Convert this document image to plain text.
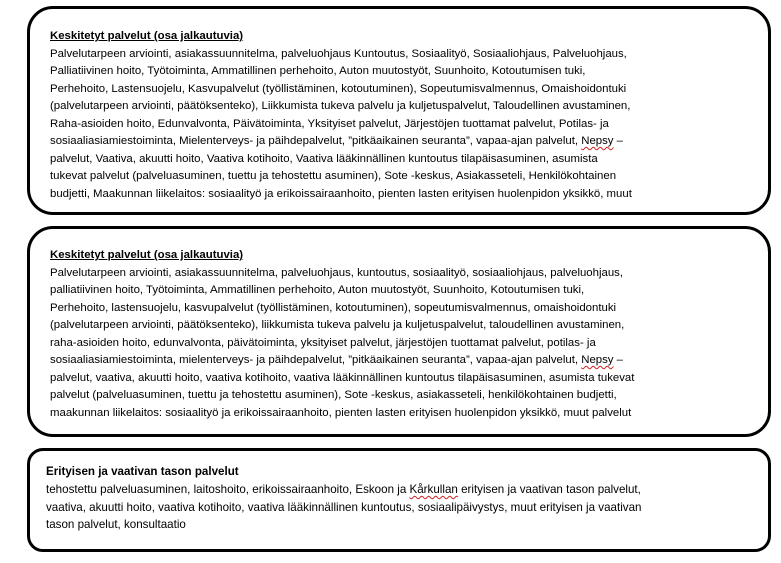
Keskitetyt palvelut (osa jalkautuvia)

Palvelutarpeen arviointi, asiakassuunnitelma, palveluohjaus Kuntoutus, Sosiaalityö, Sosiaaliohjaus, Palveluohjaus,

Palliatiivinen hoito, Työtoiminta, Ammatillinen perhehoito, Auton muutostyöt, Suunhoito, Kotoutumisen tuki,

Perhehoito, Lastensuojelu, Kasvupalvelut (työllistäminen, kotoutuminen), Sopeutumisvalmennus, Omaishoidontuki

(palvelutarpeen arviointi, päätöksenteko), Liikkumista tukeva palvelu ja kuljetuspalvelut, Taloudellinen avustaminen,

Raha-asioiden hoito, Edunvalvonta, Päivätoiminta, Yksityiset palvelut, Järjestöjen tuottamat palvelut, Potilas- ja

sosiaaliasiamiestoiminta, Mielenterveys- ja päihdepalvelut, ”pitkäaikainen seuranta”, vapaa-ajan palvelut, Nepsy –

palvelut, Vaativa, akuutti hoito, Vaativa kotihoito, Vaativa lääkinnällinen kuntoutus tilapäisasuminen, asumista

tukevat palvelut (palveluasuminen, tuettu ja tehostettu asuminen), Sote -keskus, Asiakasseteli, Henkilökohtainen

budjetti, Maakunnan liikelaitos: sosiaalityö ja erikoissairaanhoito, pienten lasten erityisen huolenpidon yksikkö, muut

Keskitetyt palvelut (osa jalkautuvia)

Palvelutarpeen arviointi, asiakassuunnitelma, palveluohjaus, kuntoutus, sosiaalityö, sosiaaliohjaus, palveluohjaus,

palliatiivinen hoito, Työtoiminta, Ammatillinen perhehoito, Auton muutostyöt, Suunhoito, Kotoutumisen tuki,

Perhehoito, lastensuojelu, kasvupalvelut (työllistäminen, kotoutuminen), sopeutumisvalmennus, omaishoidontuki

(palvelutarpeen arviointi, päätöksenteko), liikkumista tukeva palvelu ja kuljetuspalvelut, taloudellinen avustaminen,

raha-asioiden hoito, edunvalvonta, päivätoiminta, yksityiset palvelut, järjestöjen tuottamat palvelut, potilas- ja

sosiaaliasiamiestoiminta, mielenterveys- ja päihdepalvelut, ”pitkäaikainen seuranta”, vapaa-ajan palvelut, Nepsy –

palvelut, vaativa, akuutti hoito, vaativa kotihoito, vaativa lääkinnällinen kuntoutus tilapäisasuminen, asumista tukevat

palvelut (palveluasuminen, tuettu ja tehostettu asuminen), Sote -keskus, asiakasseteli, henkilökohtainen budjetti,

maakunnan liikelaitos: sosiaalityö ja erikoissairaanhoito, pienten lasten erityisen huolenpidon yksikkö, muut palvelut

Erityisen ja vaativan tason palvelut

tehostettu palveluasuminen, laitoshoito, erikoissairaanhoito, Eskoon ja Kårkullan erityisen ja vaativan tason palvelut,

vaativa, akuutti hoito, vaativa kotihoito, vaativa lääkinnällinen kuntoutus, sosiaalipäivystys, muut erityisen ja vaativan

tason palvelut, konsultaatio
